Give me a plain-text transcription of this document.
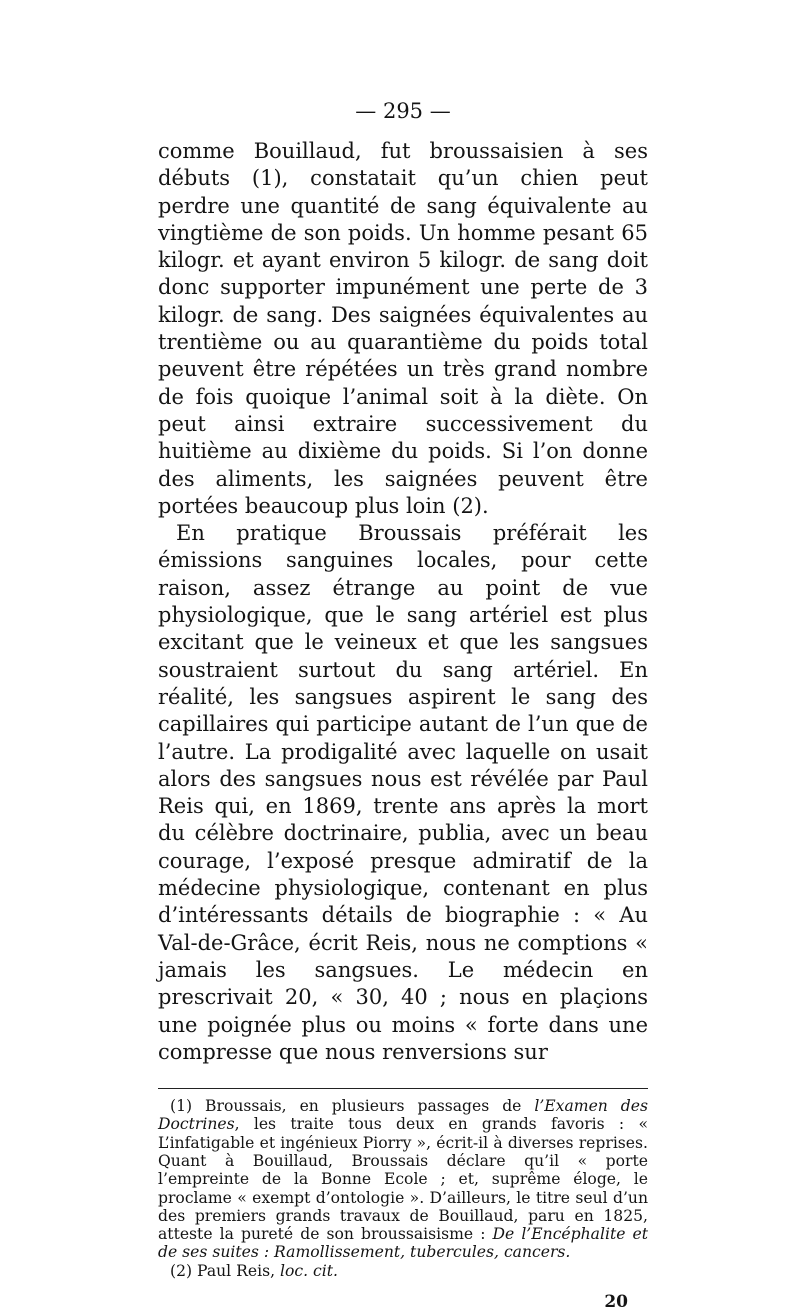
— 295 —

comme Bouillaud, fut broussaisien à ses débuts (1), constatait qu’un chien peut perdre une quantité de sang équivalente au vingtième de son poids. Un homme pesant 65 kilogr. et ayant environ 5 kilogr. de sang doit donc supporter impunément une perte de 3 kilogr. de sang. Des saignées équivalentes au trentième ou au quarantième du poids total peuvent être répétées un très grand nombre de fois quoique l’animal soit à la diète. On peut ainsi extraire successivement du huitième au dixième du poids. Si l’on donne des aliments, les saignées peuvent être portées beaucoup plus loin (2).

En pratique Broussais préférait les émissions sanguines locales, pour cette raison, assez étrange au point de vue physiologique, que le sang artériel est plus excitant que le veineux et que les sangsues soustraient surtout du sang artériel. En réalité, les sangsues aspirent le sang des capillaires qui participe autant de l’un que de l’autre. La prodigalité avec laquelle on usait alors des sangsues nous est révélée par Paul Reis qui, en 1869, trente ans après la mort du célèbre doctrinaire, publia, avec un beau courage, l’exposé presque admiratif de la médecine physiologique, contenant en plus d’intéressants détails de biographie : « Au Val-de-Grâce, écrit Reis, nous ne comptions « jamais les sangsues. Le médecin en prescrivait 20, « 30, 40 ; nous en plaçions une poignée plus ou moins « forte dans une compresse que nous renversions sur

(1) Broussais, en plusieurs passages de l’Examen des Doctrines, les traite tous deux en grands favoris : « L’infatigable et ingénieux Piorry », écrit-il à diverses reprises. Quant à Bouillaud, Broussais déclare qu’il « porte l’empreinte de la Bonne Ecole ; et, suprême éloge, le proclame « exempt d’ontologie ». D’ailleurs, le titre seul d’un des premiers grands travaux de Bouillaud, paru en 1825, atteste la pureté de son broussaisisme : De l’Encéphalite et de ses suites : Ramollissement, tubercules, cancers.

(2) Paul Reis, loc. cit.

20
